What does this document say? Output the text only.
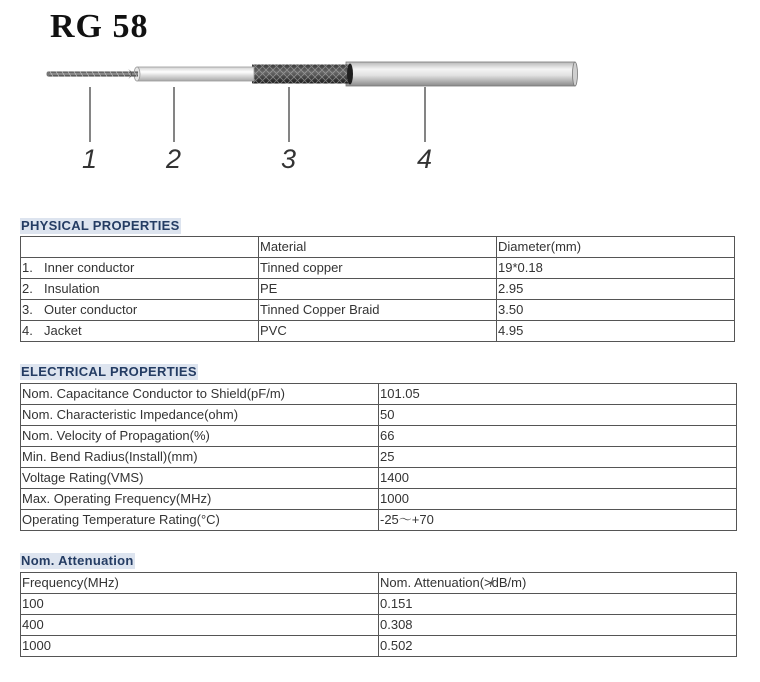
RG 58
1	2	3	4
PHYSICAL PROPERTIES
	Material	Diameter(mm)
1. Inner conductor	Tinned copper	19*0.18
2. Insulation	PE	2.95
3. Outer conductor	Tinned Copper Braid	3.50
4. Jacket	PVC	4.95
ELECTRICAL PROPERTIES
Nom. Capacitance Conductor to Shield(pF/m)	101.05
Nom. Characteristic Impedance(ohm)	50
Nom. Velocity of Propagation(%)	66
Min. Bend Radius(Install)(mm)	25
Voltage Rating(VMS)	1400
Max. Operating Frequency(MHz)	1000
Operating Temperature Rating(°C)	-25～+70
Nom. Attenuation
Frequency(MHz)	Nom. Attenuation(≯dB/m)
100	0.151
400	0.308
1000	0.502
